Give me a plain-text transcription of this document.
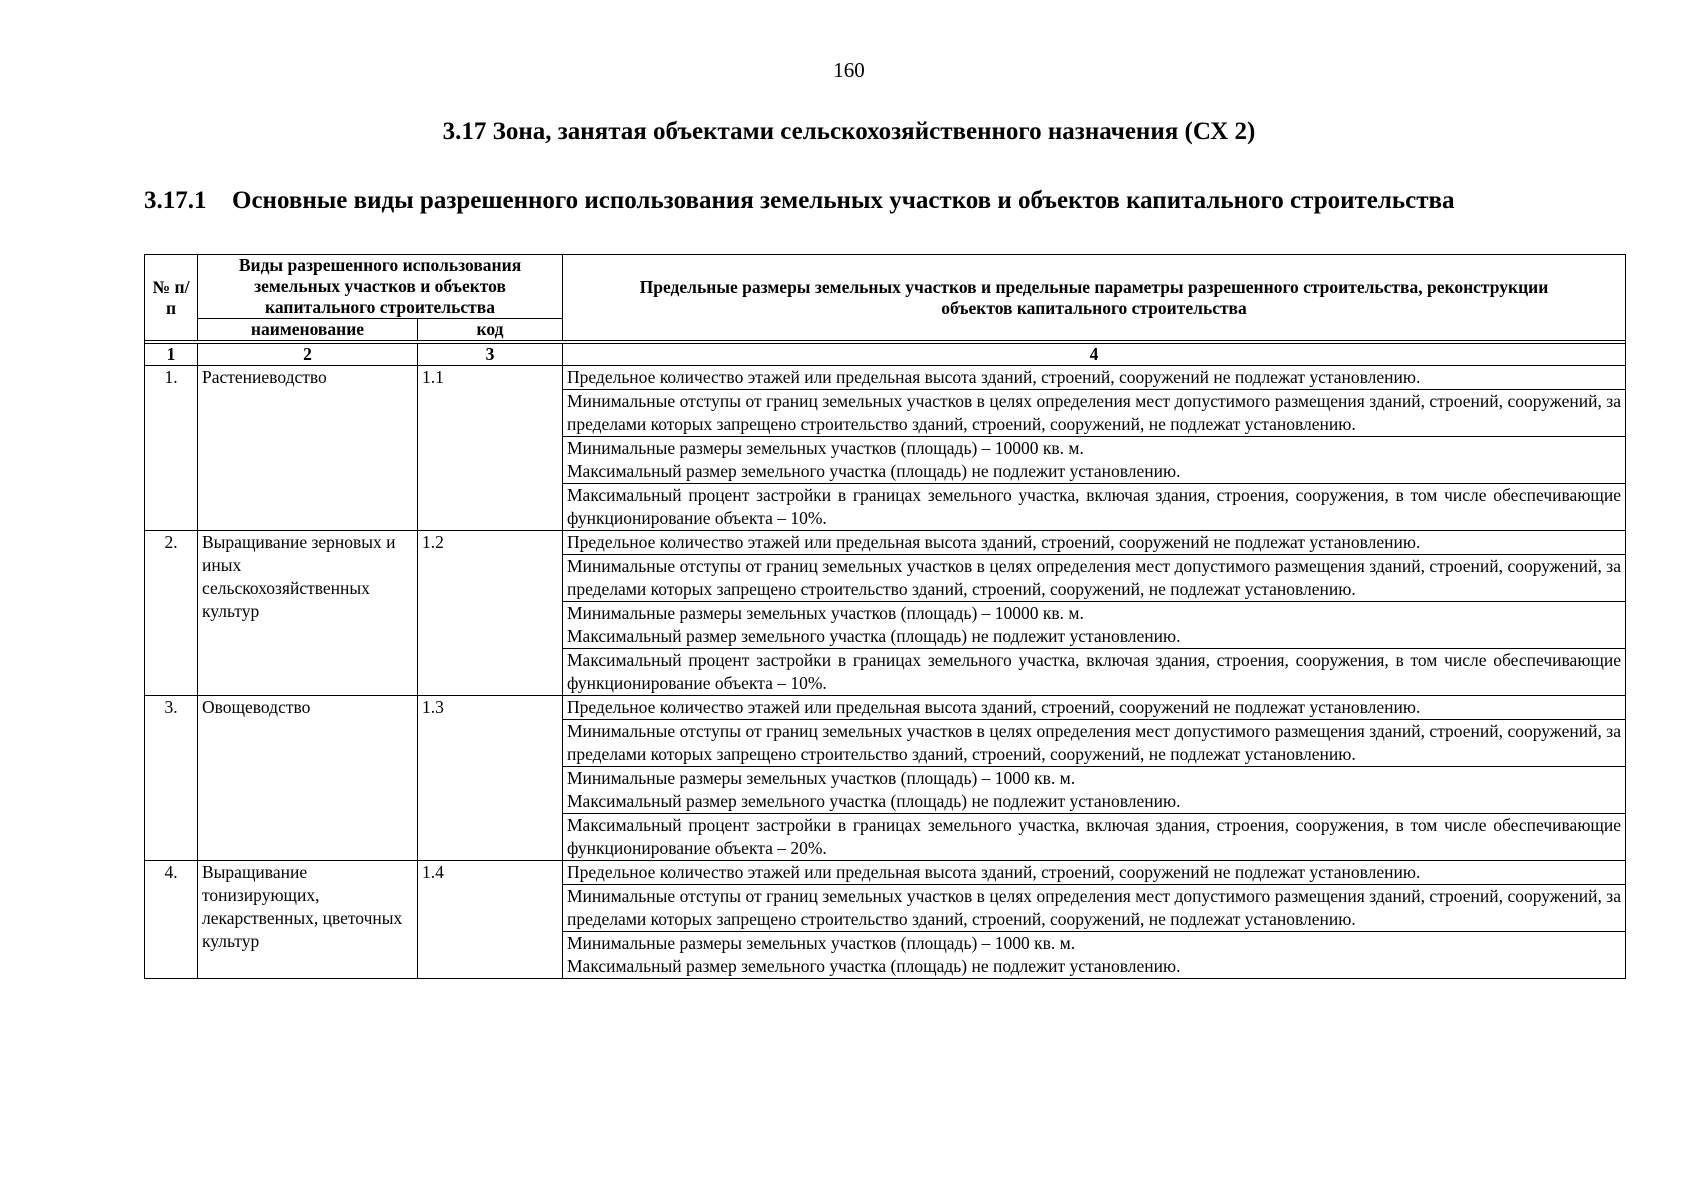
160
3.17 Зона, занятая объектами сельскохозяйственного назначения (СХ 2)
3.17.1 Основные виды разрешенного использования земельных участков и объектов капитального строительства
№ п/п	Виды разрешенного использования земельных участков и объектов капитального строительства		Предельные размеры земельных участков и предельные параметры разрешенного строительства, реконструкции объектов капитального строительства
	наименование	код	

1	2	3	4
1.	Растениеводство	1.1	Предельное количество этажей или предельная высота зданий, строений, сооружений не подлежат установлению.

			Минимальные отступы от границ земельных участков в целях определения мест допустимого размещения зданий, строений, сооружений, за пределами которых запрещено строительство зданий, строений, сооружений, не подлежат установлению.

			Минимальные размеры земельных участков (площадь) – 10000 кв. м.
Максимальный размер земельного участка (площадь) не подлежит установлению.

			Максимальный процент застройки в границах земельного участка, включая здания, строения, сооружения, в том числе обеспечивающие функционирование объекта – 10%.

2.	Выращивание зерновых и иных сельскохозяйственных культур	1.2	Предельное количество этажей или предельная высота зданий, строений, сооружений не подлежат установлению.

			Минимальные отступы от границ земельных участков в целях определения мест допустимого размещения зданий, строений, сооружений, за пределами которых запрещено строительство зданий, строений, сооружений, не подлежат установлению.

			Минимальные размеры земельных участков (площадь) – 10000 кв. м.
Максимальный размер земельного участка (площадь) не подлежит установлению.

			Максимальный процент застройки в границах земельного участка, включая здания, строения, сооружения, в том числе обеспечивающие функционирование объекта – 10%.

3.	Овощеводство	1.3	Предельное количество этажей или предельная высота зданий, строений, сооружений не подлежат установлению.

			Минимальные отступы от границ земельных участков в целях определения мест допустимого размещения зданий, строений, сооружений, за пределами которых запрещено строительство зданий, строений, сооружений, не подлежат установлению.

			Минимальные размеры земельных участков (площадь) – 1000 кв. м.
Максимальный размер земельного участка (площадь) не подлежит установлению.

			Максимальный процент застройки в границах земельного участка, включая здания, строения, сооружения, в том числе обеспечивающие функционирование объекта – 20%.

4.	Выращивание тонизирующих, лекарственных, цветочных культур	1.4	Предельное количество этажей или предельная высота зданий, строений, сооружений не подлежат установлению.

			Минимальные отступы от границ земельных участков в целях определения мест допустимого размещения зданий, строений, сооружений, за пределами которых запрещено строительство зданий, строений, сооружений, не подлежат установлению.

			Минимальные размеры земельных участков (площадь) – 1000 кв. м.
Максимальный размер земельного участка (площадь) не подлежит установлению.
